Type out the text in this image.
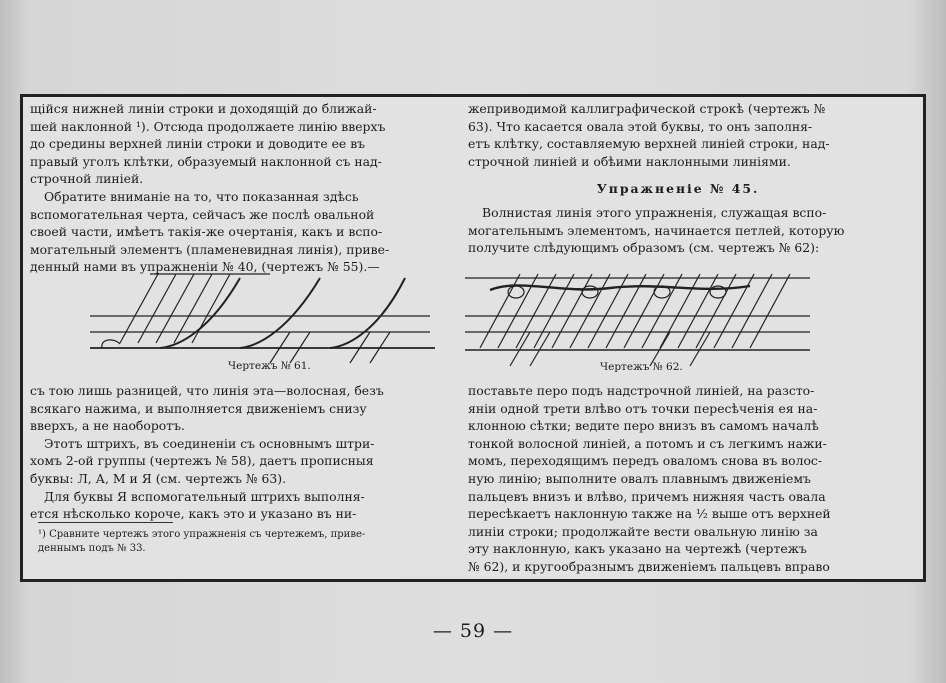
щійся нижней линіи строки и доходящій до ближай-
шей наклонной ¹). Отсюда продолжаете линію вверхъ
до средины верхней линіи строки и доводите ее въ
правый уголъ клѣтки, образуемый наклонной съ над-
строчной линіей.

Обратите вниманіе на то, что показанная здѣсь
вспомогательная черта, сейчасъ же послѣ овальной
своей части, имѣетъ такія-же очертанія, какъ и вспо-
могательный элементъ (пламеневидная линія), приве-
денный нами въ упражненіи № 40, (чертежъ № 55).—

жеприводимой каллиграфической строкѣ (чертежъ №
63). Что касается овала этой буквы, то онъ заполня-
етъ клѣтку, составляемую верхней линіей строки, над-
строчной линіей и обѣими наклонными линіями.

Упражненіе № 45.

Волнистая линія этого упражненія, служащая вспо-
могательнымъ элементомъ, начинается петлей, которую
получите слѣдующимъ образомъ (см. чертежъ № 62):

Чертежъ № 61.	Чертежъ № 62.

съ тою лишь разницей, что линія эта—волосная, безъ
всякаго нажима, и выполняется движеніемъ снизу
вверхъ, а не наоборотъ.

Этотъ штрихъ, въ соединеніи съ основнымъ штри-
хомъ 2-ой группы (чертежъ № 58), даетъ прописныя
буквы: Л, А, М и Я (см. чертежъ № 63).

Для буквы Я вспомогательный штрихъ выполня-
ется нѣсколько короче, какъ это и указано въ ни-

поставьте перо подъ надстрочной линіей, на разсто-
яніи одной трети влѣво отъ точки пересѣченія ея на-
клонною сѣтки; ведите перо внизъ въ самомъ началѣ
тонкой волосной линіей, а потомъ и съ легкимъ нажи-
момъ, переходящимъ передъ оваломъ снова въ волос-
ную линію; выполните овалъ плавнымъ движеніемъ
пальцевъ внизъ и влѣво, причемъ нижняя часть овала
пересѣкаетъ наклонную также на ½ выше отъ верхней
линіи строки; продолжайте вести овальную линію за
эту наклонную, какъ указано на чертежѣ (чертежъ
№ 62), и кругообразнымъ движеніемъ пальцевъ вправо

¹) Сравните чертежъ этого упражненія съ чертежемъ, приве-
деннымъ подъ № 33.
— 59 —
